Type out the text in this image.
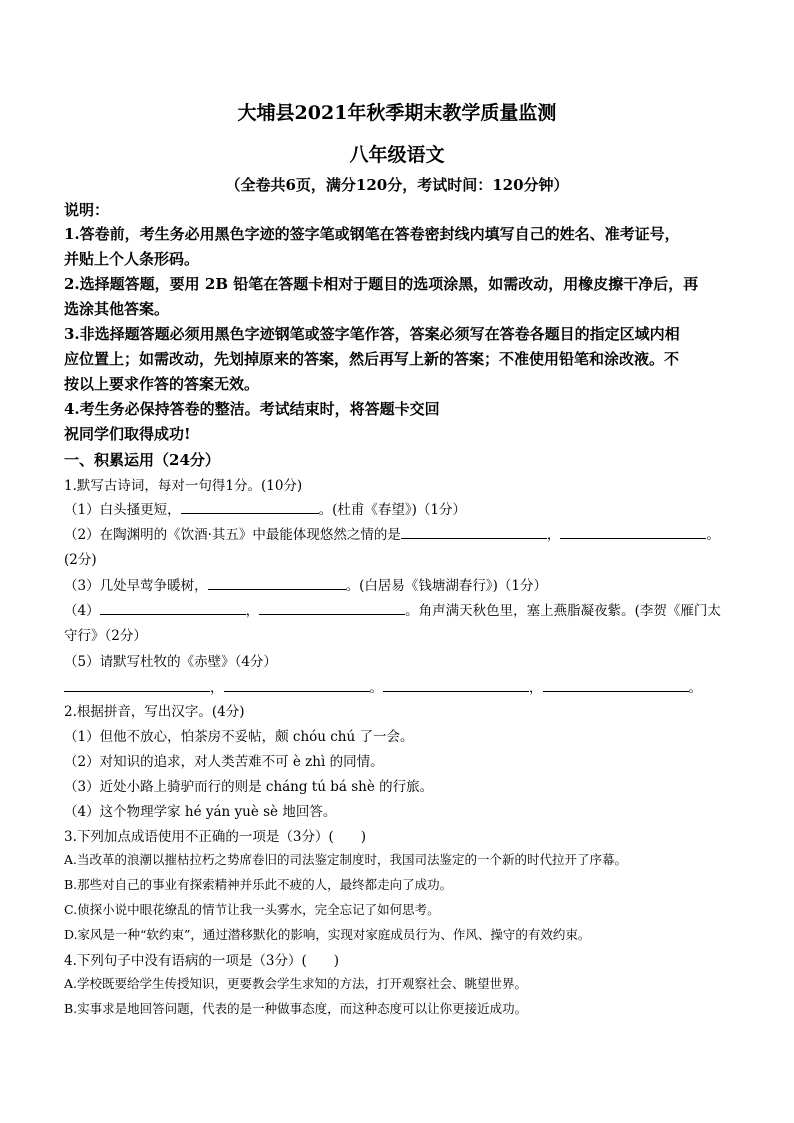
大埔县2021年秋季期末教学质量监测
八年级语文
（全卷共6页，满分120分，考试时间：120分钟）
说明：
1.答卷前，考生务必用黑色字迹的签字笔或钢笔在答卷密封线内填写自己的姓名、准考证号，
并贴上个人条形码。
2.选择题答题，要用 2B 铅笔在答题卡相对于题目的选项涂黑，如需改动，用橡皮擦干净后，再
选涂其他答案。
3.非选择题答题必须用黑色字迹钢笔或签字笔作答，答案必须写在答卷各题目的指定区域内相
应位置上；如需改动，先划掉原来的答案，然后再写上新的答案；不准使用铅笔和涂改液。不
按以上要求作答的答案无效。
4.考生务必保持答卷的整洁。考试结束时，将答题卡交回
祝同学们取得成功!
一、积累运用（24分）
1.默写古诗词，每对一句得1分。(10分)
（1）白头搔更短，	。(杜甫《春望》)（1分）
（2）在陶渊明的《饮酒·其五》中最能体现悠然之情的是	，	。
(2分)
（3）几处早莺争暖树，	。(白居易《钱塘湖春行》)（1分）
（4）	，	。角声满天秋色里，塞上燕脂凝夜紫。(李贺《雁门太
守行》（2分）
（5）请默写杜牧的《赤壁》（4分）
，	。	，	。
2.根据拼音，写出汉字。(4分)
（1）但他不放心，怕茶房不妥帖，颇 chóu chú 了一会。
（2）对知识的追求，对人类苦难不可 è zhì 的同情。
（3）近处小路上骑驴而行的则是 cháng tú bá shè 的行旅。
（4）这个物理学家 hé yán yuè sè 地回答。
3.下列加点成语使用不正确的一项是（3分）(　　)
A.当改革的浪潮以摧枯拉朽之势席卷旧的司法鉴定制度时，我国司法鉴定的一个新的时代拉开了序幕。
B.那些对自己的事业有探索精神并乐此不疲的人，最终都走向了成功。
C.侦探小说中眼花缭乱的情节让我一头雾水，完全忘记了如何思考。
D.家风是一种“软约束”，通过潜移默化的影响，实现对家庭成员行为、作风、操守的有效约束。
4.下列句子中没有语病的一项是（3分）(　　)
A.学校既要给学生传授知识，更要教会学生求知的方法，打开观察社会、眺望世界。
B.实事求是地回答问题，代表的是一种做事态度，而这种态度可以让你更接近成功。
